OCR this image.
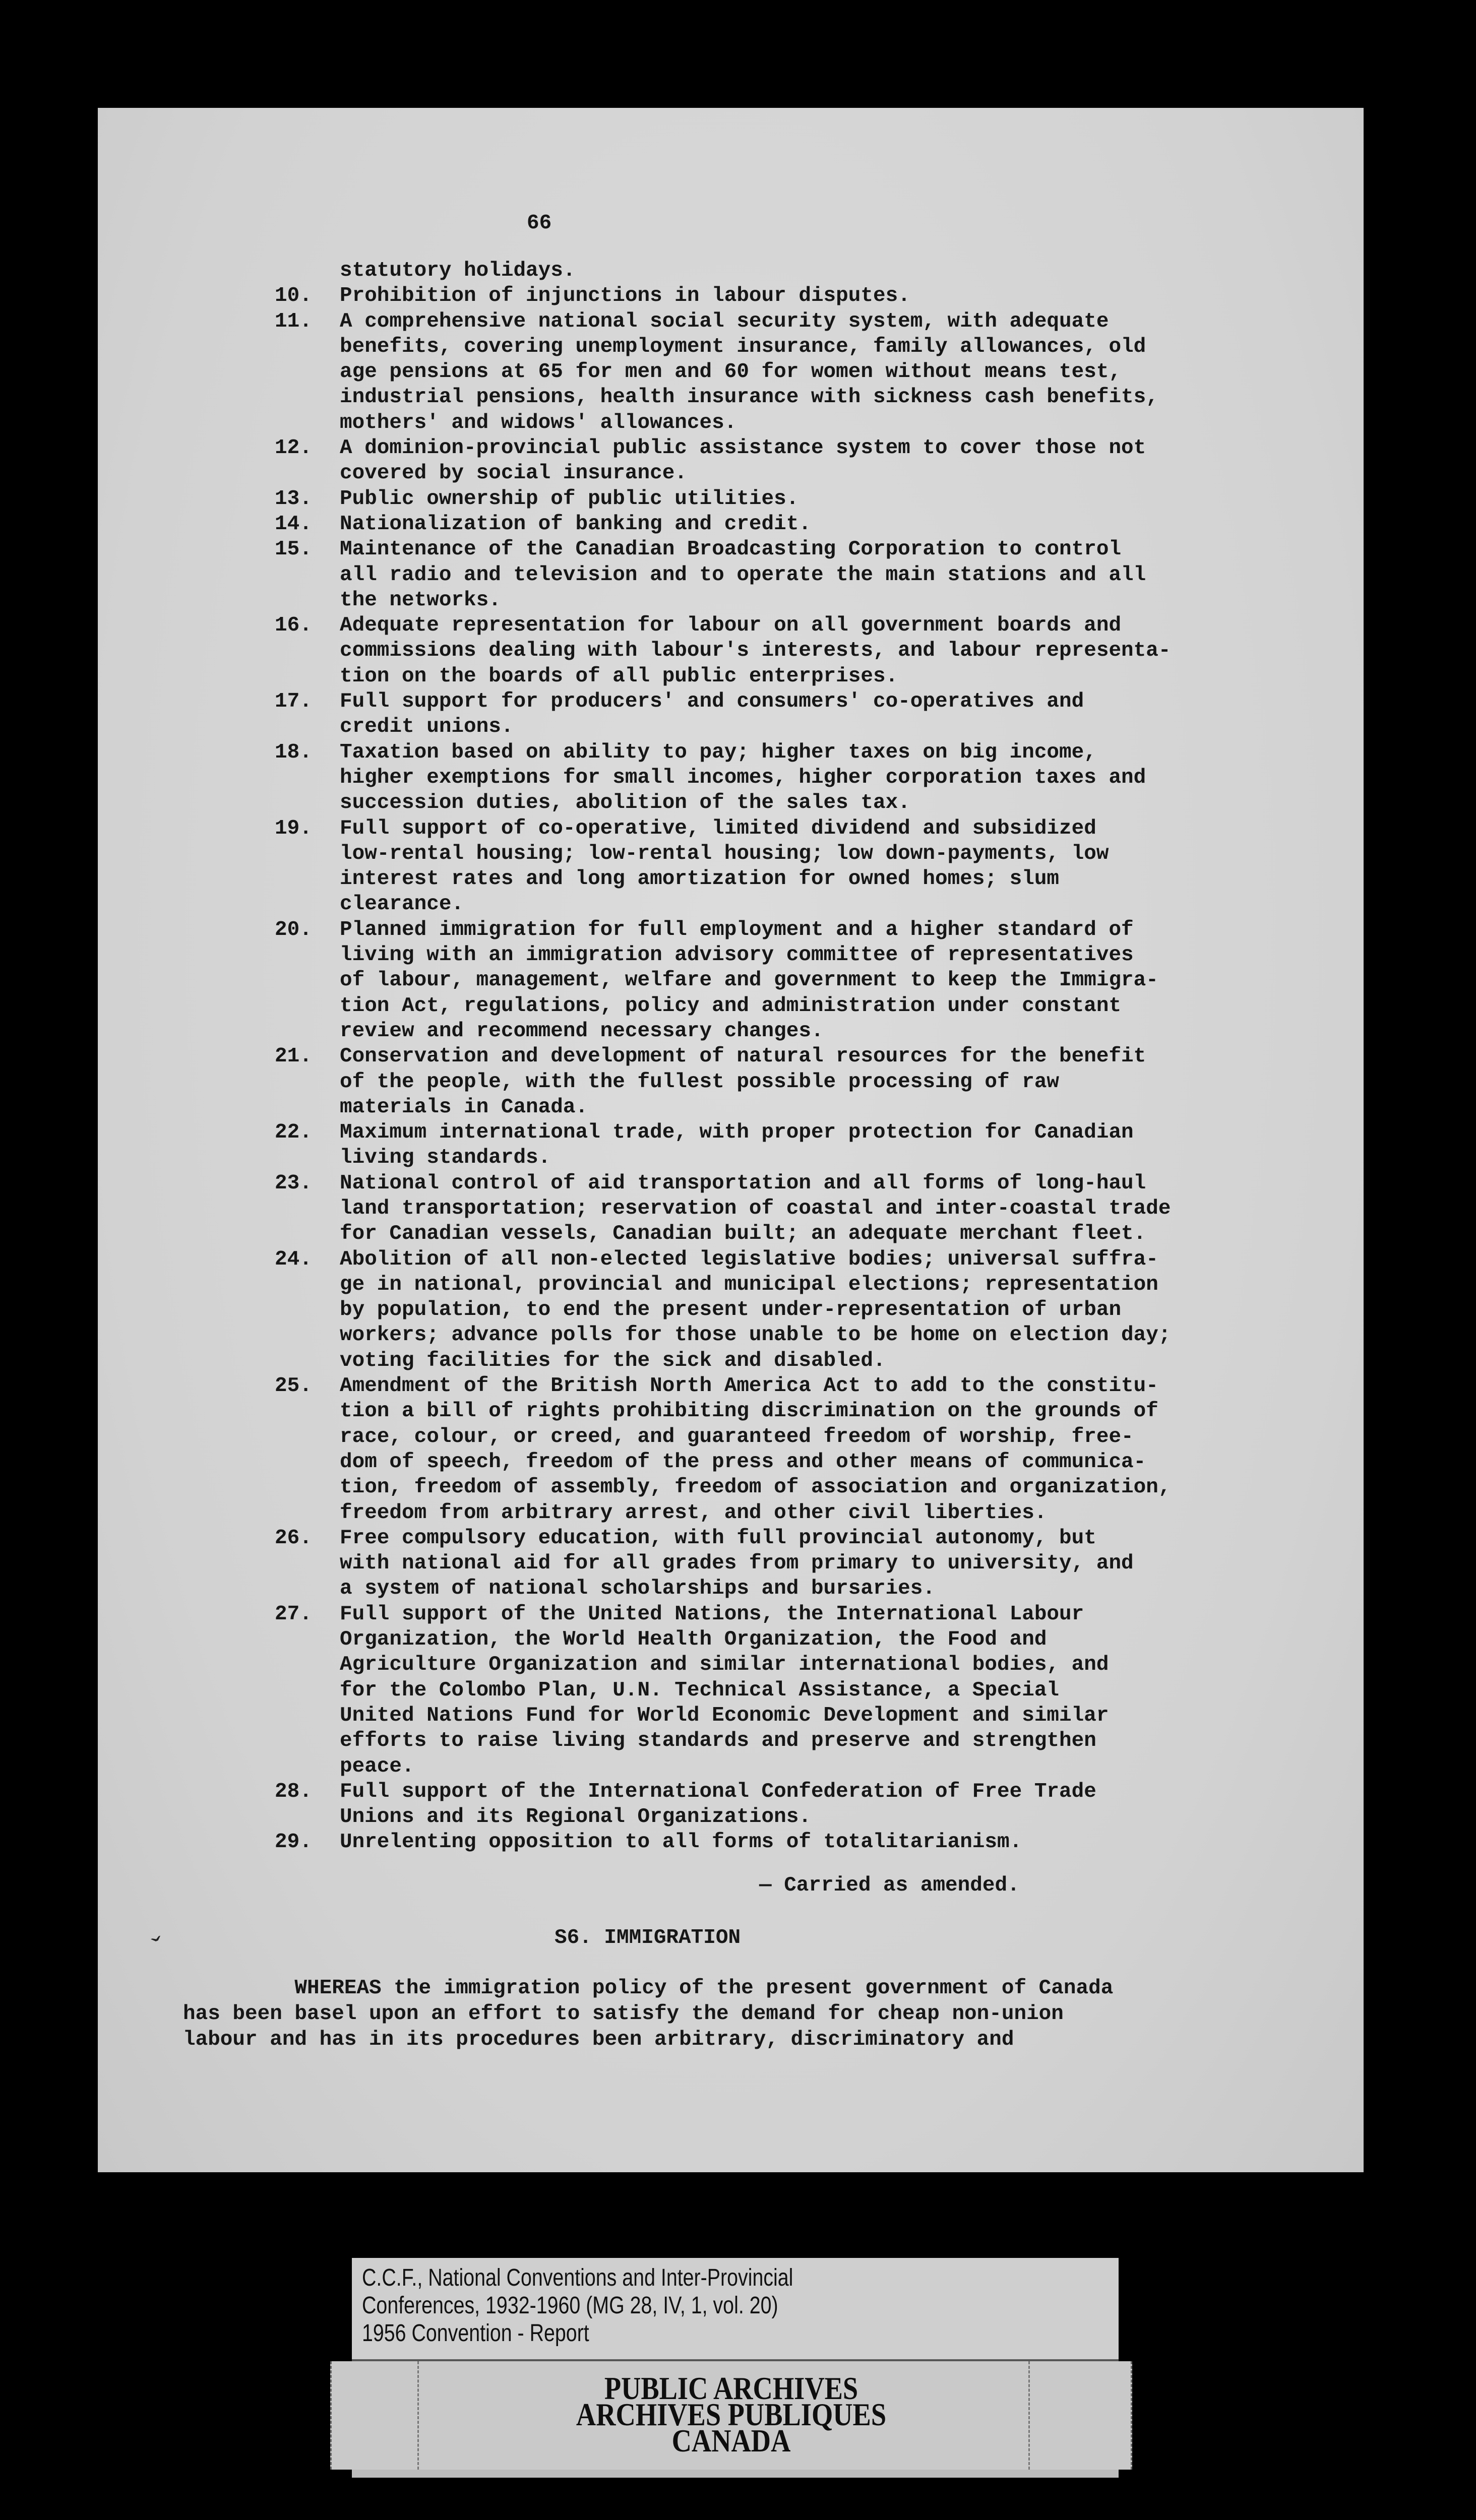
66
statutory holidays.
10.	Prohibition of injunctions in labour disputes.
11.	A comprehensive national social security system, with adequate
benefits, covering unemployment insurance, family allowances, old
age pensions at 65 for men and 60 for women without means test,
industrial pensions, health insurance with sickness cash benefits,
mothers' and widows' allowances.
12.	A dominion-provincial public assistance system to cover those not
covered by social insurance.
13.	Public ownership of public utilities.
14.	Nationalization of banking and credit.
15.	Maintenance of the Canadian Broadcasting Corporation to control
all radio and television and to operate the main stations and all
the networks.
16.	Adequate representation for labour on all government boards and
commissions dealing with labour's interests, and labour representa-
tion on the boards of all public enterprises.
17.	Full support for producers' and consumers' co-operatives and
credit unions.
18.	Taxation based on ability to pay; higher taxes on big income,
higher exemptions for small incomes, higher corporation taxes and
succession duties, abolition of the sales tax.
19.	Full support of co-operative, limited dividend and subsidized
low-rental housing; low-rental housing; low down-payments, low
interest rates and long amortization for owned homes; slum
clearance.
20.	Planned immigration for full employment and a higher standard of
living with an immigration advisory committee of representatives
of labour, management, welfare and government to keep the Immigra-
tion Act, regulations, policy and administration under constant
review and recommend necessary changes.
21.	Conservation and development of natural resources for the benefit
of the people, with the fullest possible processing of raw
materials in Canada.
22.	Maximum international trade, with proper protection for Canadian
living standards.
23.	National control of aid transportation and all forms of long-haul
land transportation; reservation of coastal and inter-coastal trade
for Canadian vessels, Canadian built; an adequate merchant fleet.
24.	Abolition of all non-elected legislative bodies; universal suffra-
ge in national, provincial and municipal elections; representation
by population, to end the present under-representation of urban
workers; advance polls for those unable to be home on election day;
voting facilities for the sick and disabled.
25.	Amendment of the British North America Act to add to the constitu-
tion a bill of rights prohibiting discrimination on the grounds of
race, colour, or creed, and guaranteed freedom of worship, free-
dom of speech, freedom of the press and other means of communica-
tion, freedom of assembly, freedom of association and organization,
freedom from arbitrary arrest, and other civil liberties.
26.	Free compulsory education, with full provincial autonomy, but
with national aid for all grades from primary to university, and
a system of national scholarships and bursaries.
27.	Full support of the United Nations, the International Labour
Organization, the World Health Organization, the Food and
Agriculture Organization and similar international bodies, and
for the Colombo Plan, U.N. Technical Assistance, a Special
United Nations Fund for World Economic Development and similar
efforts to raise living standards and preserve and strengthen
peace.
28.	Full support of the International Confederation of Free Trade
Unions and its Regional Organizations.
29.	Unrelenting opposition to all forms of totalitarianism.
— Carried as amended.
S6. IMMIGRATION
ˇ
WHEREAS the immigration policy of the present government of Canada
has been basel upon an effort to satisfy the demand for cheap non-union
labour and has in its procedures been arbitrary, discriminatory and
C.C.F., National Conventions and Inter-Provincial
Conferences, 1932-1960 (MG 28, IV, 1, vol. 20)
1956 Convention - Report
PUBLIC ARCHIVES
ARCHIVES PUBLIQUES
CANADA
